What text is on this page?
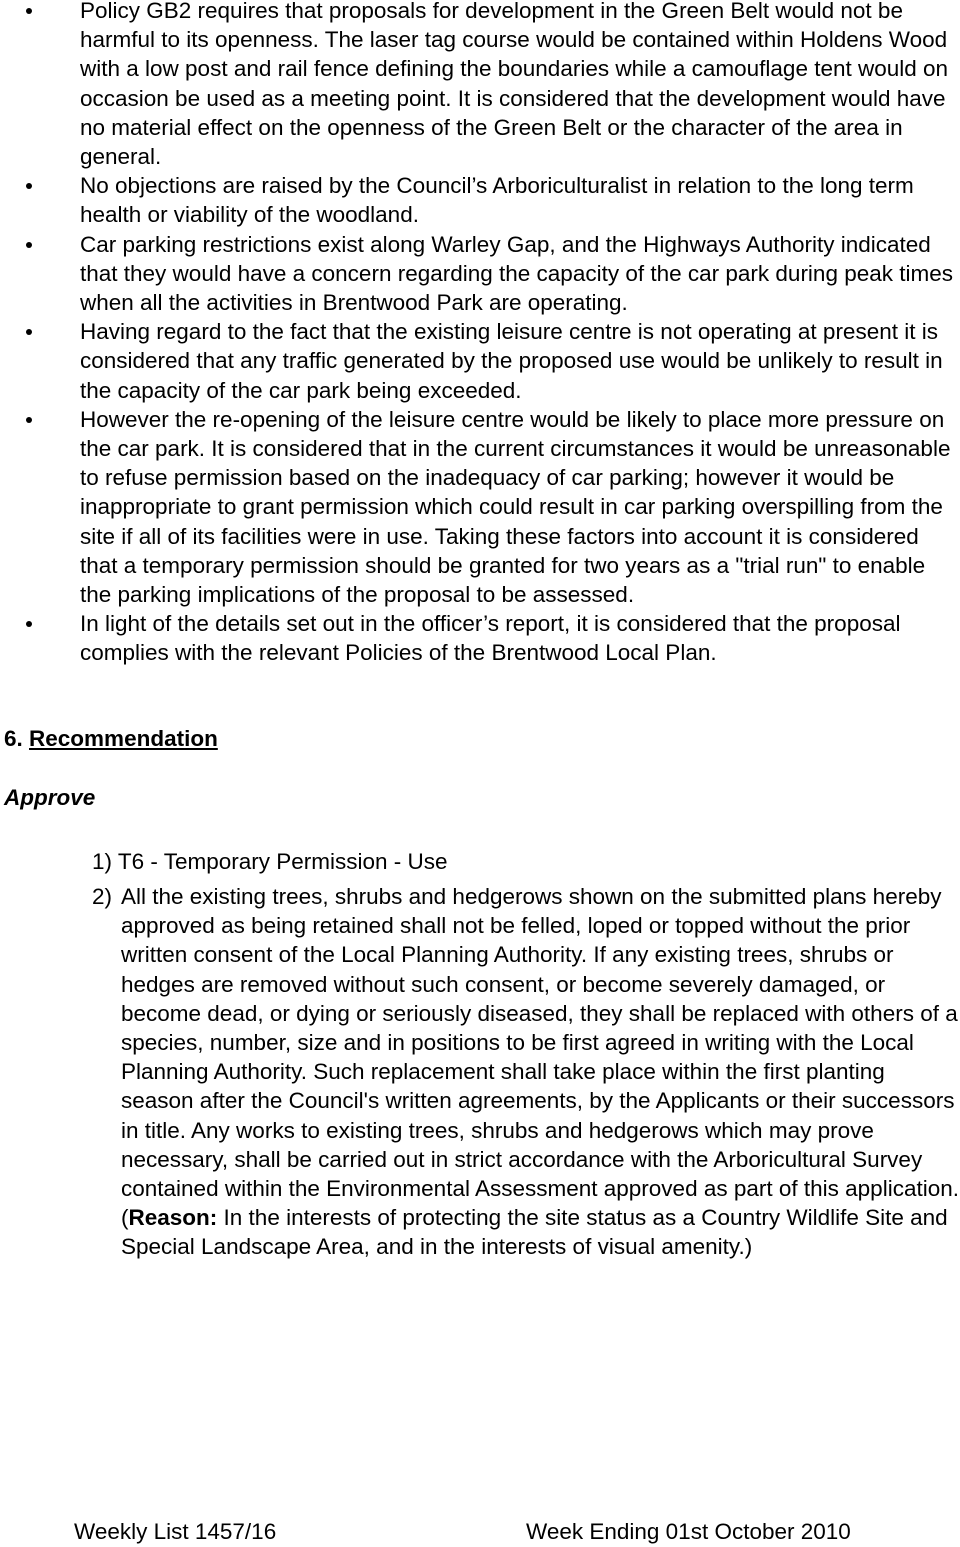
Policy GB2 requires that proposals for development in the Green Belt would not be harmful to its openness. The laser tag course would be contained within Holdens Wood with a low post and rail fence defining the boundaries while a camouflage tent would on occasion be used as a meeting point. It is considered that the development would have no material effect on the openness of the Green Belt or the character of the area in general.
No objections are raised by the Council’s Arboriculturalist in relation to the long term health or viability of the woodland.
Car parking restrictions exist along Warley Gap, and the Highways Authority indicated that they would have a concern regarding the capacity of the car park during peak times when all the activities in Brentwood Park are operating.
Having regard to the fact that the existing leisure centre is not operating at present it is considered that any traffic generated by the proposed use would be unlikely to result in the capacity of the car park being exceeded.
However the re-opening of the leisure centre would be likely to place more pressure on the car park. It is considered that in the current circumstances it would be unreasonable to refuse permission based on the inadequacy of car parking; however it would be inappropriate to grant permission which could result in car parking overspilling from the site if all of its facilities were in use. Taking these factors into account it is considered that a temporary permission should be granted for two years as a "trial run" to enable the parking implications of the proposal to be assessed.
In light of the details set out in the officer’s report, it is considered that the proposal complies with the relevant Policies of the Brentwood Local Plan.
6. Recommendation
Approve
1) T6 - Temporary Permission - Use
2) All the existing trees, shrubs and hedgerows shown on the submitted plans hereby approved as being retained shall not be felled, loped or topped without the prior written consent of the Local Planning Authority. If any existing trees, shrubs or hedges are removed without such consent, or become severely damaged, or become dead, or dying or seriously diseased, they shall be replaced with others of a species, number, size and in positions to be first agreed in writing with the Local Planning Authority. Such replacement shall take place within the first planting season after the Council's written agreements, by the Applicants or their successors in title. Any works to existing trees, shrubs and hedgerows which may prove necessary, shall be carried out in strict accordance with the Arboricultural Survey contained within the Environmental Assessment approved as part of this application.
(Reason: In the interests of protecting the site status as a Country Wildlife Site and Special Landscape Area, and in the interests of visual amenity.)
Weekly List 1457/16	Week Ending 01st October 2010
